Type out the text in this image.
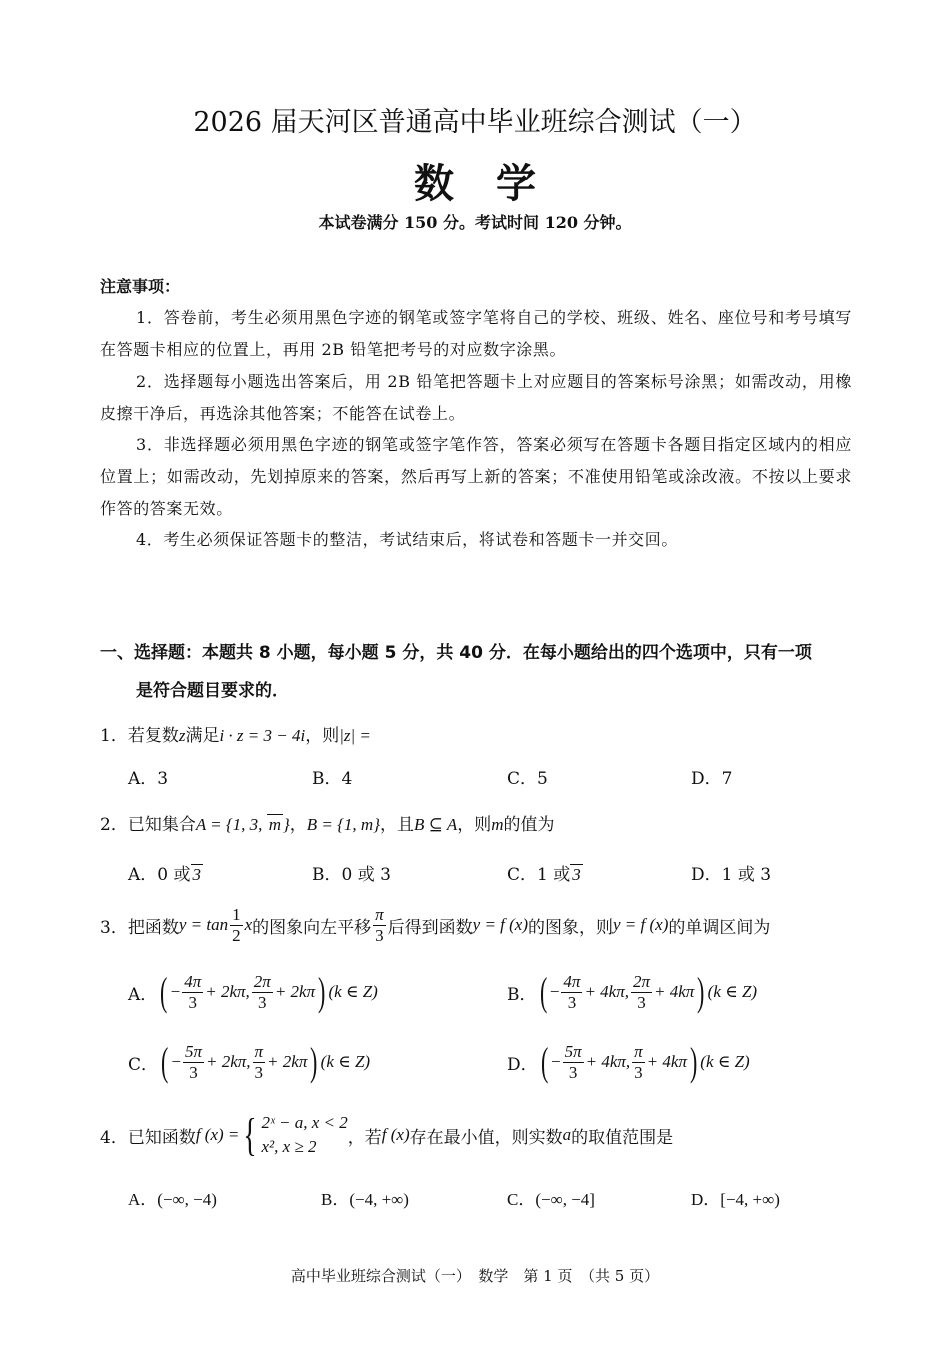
2026 届天河区普通高中毕业班综合测试（一）
数学
本试卷满分 150 分。考试时间 120 分钟。
注意事项：
1．答卷前，考生必须用黑色字迹的钢笔或签字笔将自己的学校、班级、姓名、座位号和考号填写在答题卡相应的位置上，再用 2B 铅笔把考号的对应数字涂黑。
2．选择题每小题选出答案后，用 2B 铅笔把答题卡上对应题目的答案标号涂黑；如需改动，用橡皮擦干净后，再选涂其他答案；不能答在试卷上。
3．非选择题必须用黑色字迹的钢笔或签字笔作答，答案必须写在答题卡各题目指定区域内的相应位置上；如需改动，先划掉原来的答案，然后再写上新的答案；不准使用铅笔或涂改液。不按以上要求作答的答案无效。
4．考生必须保证答题卡的整洁，考试结束后，将试卷和答题卡一并交回。
一、选择题：本题共 8 小题，每小题 5 分，共 40 分．在每小题给出的四个选项中，只有一项
是符合题目要求的．
1．若复数z满足i · z = 3 − 4i，则|z| =
A．3	B．4	C．5	D．7
2．已知集合A = {1, 3, m }，B = {1, m}，且B ⊆ A，则m的值为
A．0 或 3	B．0 或 3	C．1 或 3	D．1 或 3
3． 把函数 $y = \tan \frac{1}{2}$ x 的图象向左平移 $\frac{\pi}{3}$ 后得到函数 y = f (x) 的图象，则 y = f (x) 的单调区间为
A． ( − $\frac{4\pi}{3} + 2k\pi$, $\frac{2\pi}{3} + 2k\pi$ ) (k ∈ Z)	B． ( − $\frac{4\pi}{3} + 4k\pi$, $\frac{2\pi}{3} + 4k\pi$ ) (k ∈ Z)
C． ( − $\frac{5\pi}{3} + 2k\pi$, $\frac{\pi}{3} + 2k\pi$ ) (k ∈ Z)	D． ( − $\frac{5\pi}{3} + 4k\pi$, $\frac{\pi}{3} + 4k\pi$ ) (k ∈ Z)
4． 已知函数 f (x) = { 2ˣ − a, x < 2
x², x ≥ 2	，若 f (x) 存在最小值，则实数 a 的取值范围是
A．(−∞, −4)	B．(−4, +∞)	C．(−∞, −4]	D．[−4, +∞)
高中毕业班综合测试（一）　数学　第 1 页　（共 5 页）
